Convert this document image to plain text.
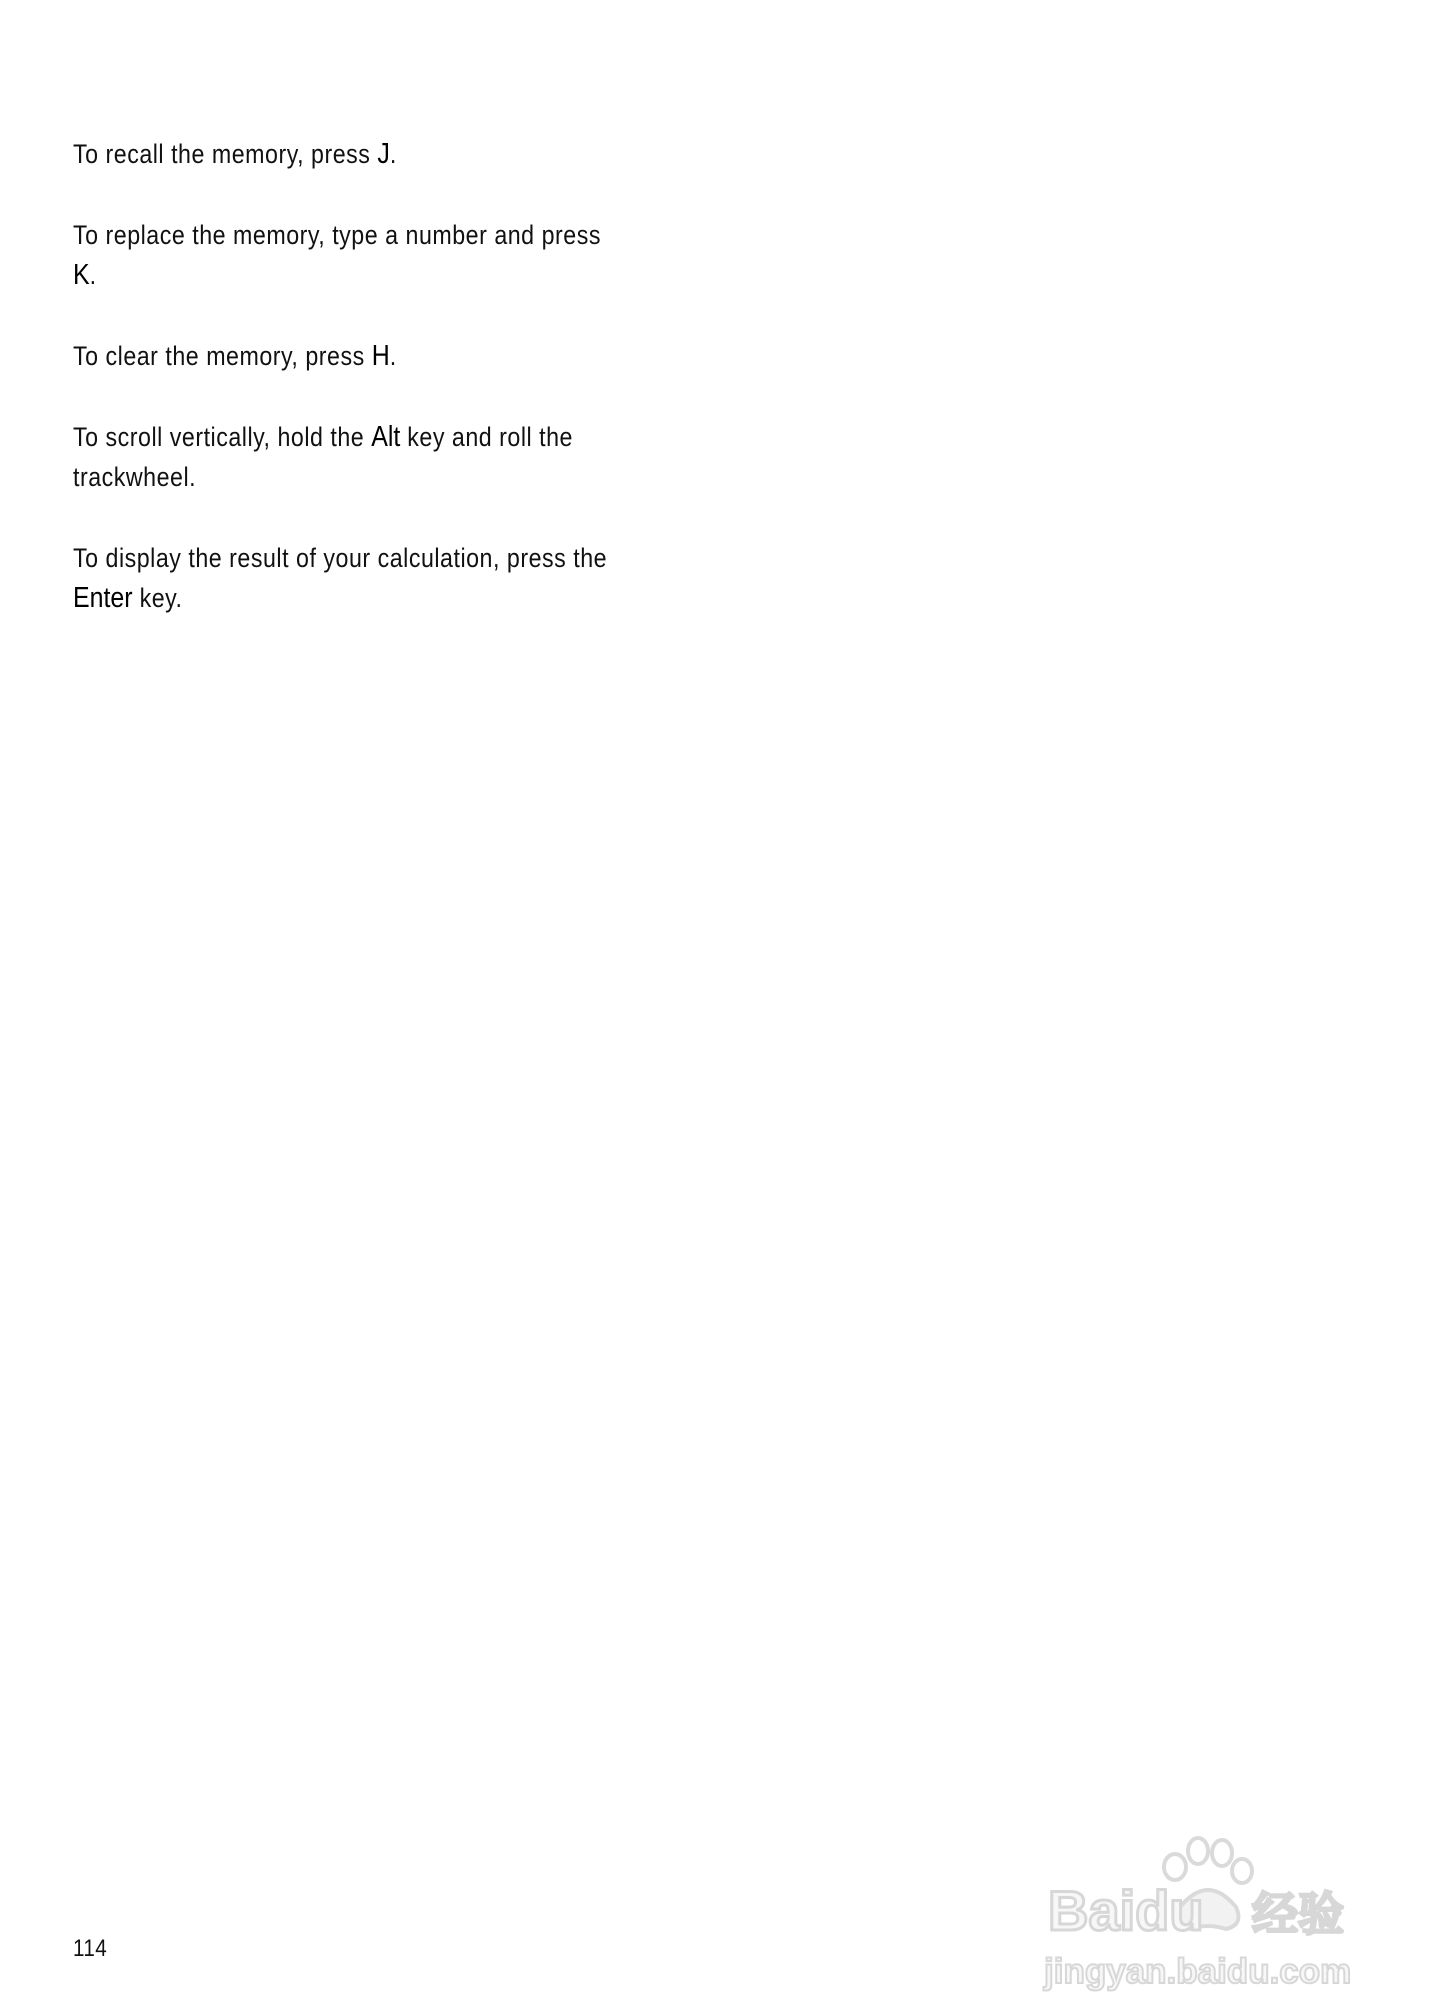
To recall the memory, press J.

To replace the memory, type a number and press
K.

To clear the memory, press H.

To scroll vertically, hold the Alt key and roll the
trackwheel.

To display the result of your calculation, press the
Enter key.

114
Baidu 经验
jingyan.baidu.com
